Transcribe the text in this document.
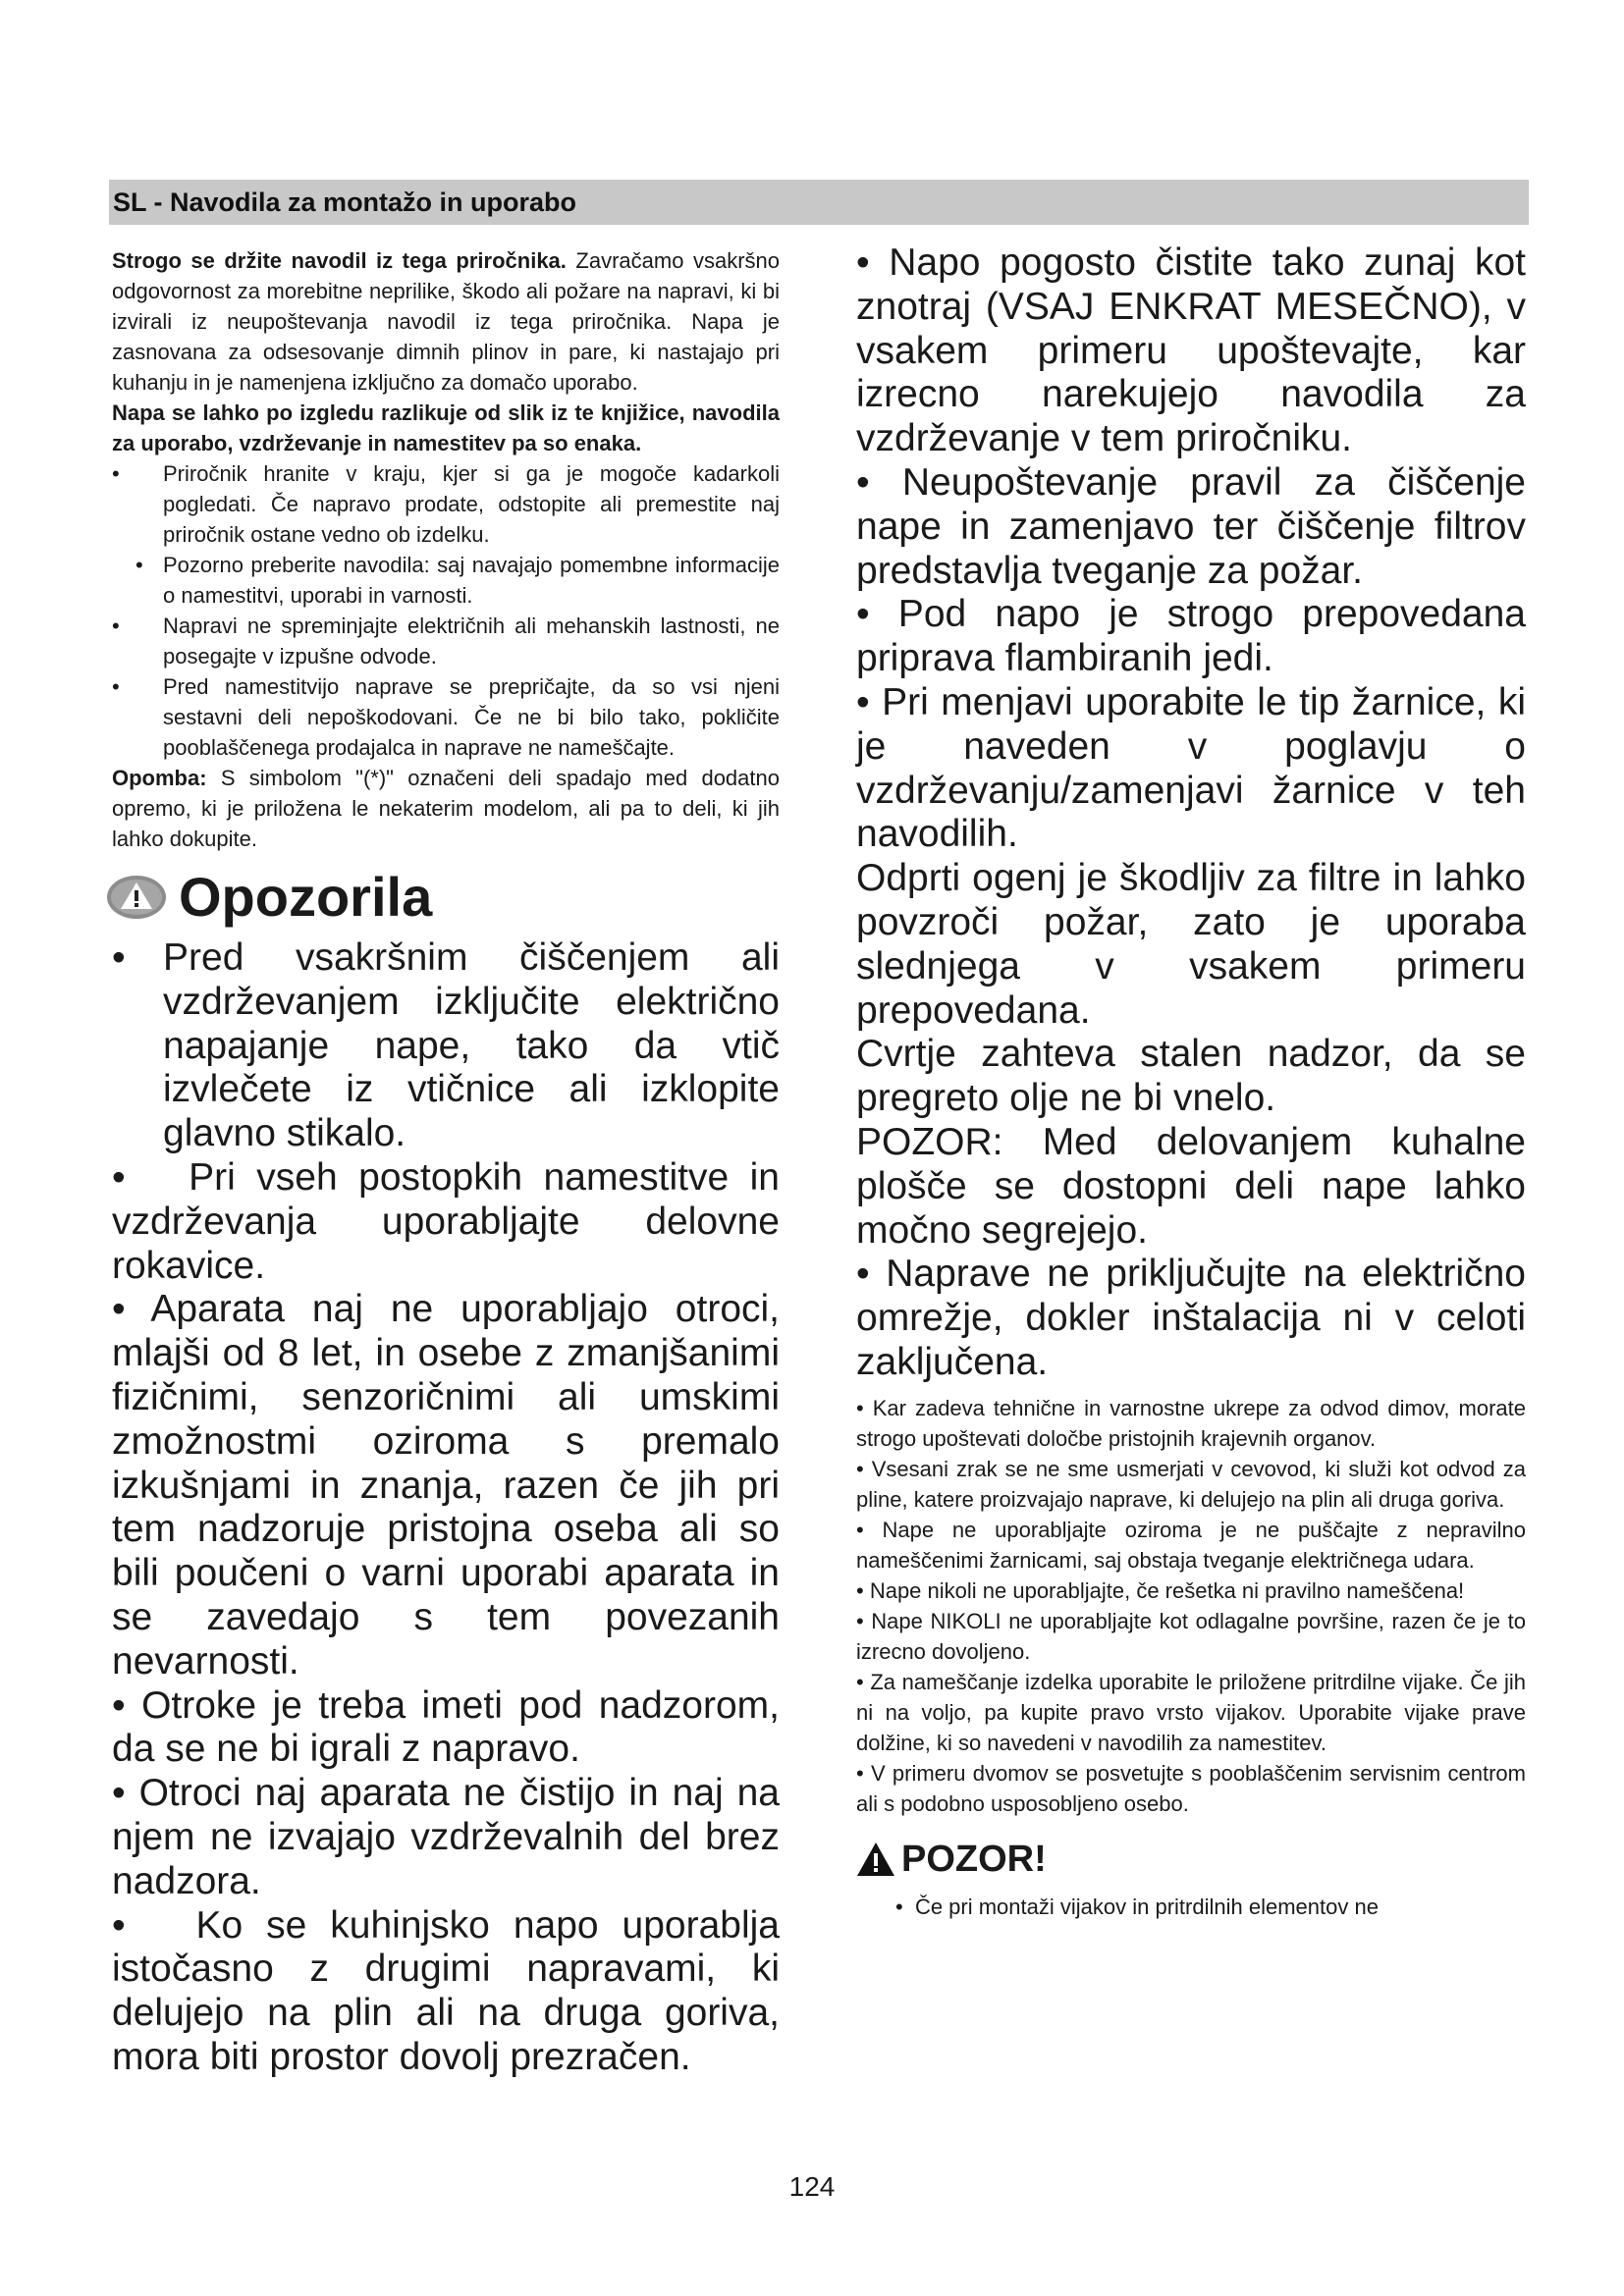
SL - Navodila za montažo in uporabo

Strogo se držite navodil iz tega priročnika. Zavračamo vsakršno odgovornost za morebitne neprilike, škodo ali požare na napravi, ki bi izvirali iz neupoštevanja navodil iz tega priročnika. Napa je zasnovana za odsesovanje dimnih plinov in pare, ki nastajajo pri kuhanju in je namenjena izključno za domačo uporabo.

Napa se lahko po izgledu razlikuje od slik iz te knjižice, navodila za uporabo, vzdrževanje in namestitev pa so enaka.

• Priročnik hranite v kraju, kjer si ga je mogoče kadarkoli pogledati. Če napravo prodate, odstopite ali premestite naj priročnik ostane vedno ob izdelku.

• Pozorno preberite navodila: saj navajajo pomembne informacije o namestitvi, uporabi in varnosti.

• Napravi ne spreminjajte električnih ali mehanskih lastnosti, ne posegajte v izpušne odvode.

• Pred namestitvijo naprave se prepričajte, da so vsi njeni sestavni deli nepoškodovani. Če ne bi bilo tako, pokličite pooblaščenega prodajalca in naprave ne nameščajte.

Opomba: S simbolom "(*)" označeni deli spadajo med dodatno opremo, ki je priložena le nekaterim modelom, ali pa to deli, ki jih lahko dokupite.

Opozorila

• Pred vsakršnim čiščenjem ali vzdrževanjem izključite električno napajanje nape, tako da vtič izvlečete iz vtičnice ali izklopite glavno stikalo.

•   Pri vseh postopkih namestitve in vzdrževanja uporabljajte delovne rokavice.

• Aparata naj ne uporabljajo otroci, mlajši od 8 let, in osebe z zmanjšanimi fizičnimi, senzoričnimi ali umskimi zmožnostmi oziroma s premalo izkušnjami in znanja, razen če jih pri tem nadzoruje pristojna oseba ali so bili poučeni o varni uporabi aparata in se zavedajo s tem povezanih nevarnosti.

• Otroke je treba imeti pod nadzorom, da se ne bi igrali z napravo.

• Otroci naj aparata ne čistijo in naj na njem ne izvajajo vzdrževalnih del brez nadzora.

•   Ko se kuhinjsko napo uporablja istočasno z drugimi napravami, ki delujejo na plin ali na druga goriva, mora biti prostor dovolj prezračen.

• Napo pogosto čistite tako zunaj kot znotraj (VSAJ ENKRAT MESEČNO), v vsakem primeru upoštevajte, kar izrecno narekujejo navodila za vzdrževanje v tem priročniku.

• Neupoštevanje pravil za čiščenje nape in zamenjavo ter čiščenje filtrov predstavlja tveganje za požar.

• Pod napo je strogo prepovedana priprava flambiranih jedi.

• Pri menjavi uporabite le tip žarnice, ki je naveden v poglavju o vzdrževanju/zamenjavi žarnice v teh navodilih.

Odprti ogenj je škodljiv za filtre in lahko povzroči požar, zato je uporaba slednjega v vsakem primeru prepovedana.

Cvrtje zahteva stalen nadzor, da se pregreto olje ne bi vnelo.

POZOR: Med delovanjem kuhalne plošče se dostopni deli nape lahko močno segrejejo.

• Naprave ne priključujte na električno omrežje, dokler inštalacija ni v celoti zaključena.

• Kar zadeva tehnične in varnostne ukrepe za odvod dimov, morate strogo upoštevati določbe pristojnih krajevnih organov.

• Vsesani zrak se ne sme usmerjati v cevovod, ki služi kot odvod za pline, katere proizvajajo naprave, ki delujejo na plin ali druga goriva.

• Nape ne uporabljajte oziroma je ne puščajte z nepravilno nameščenimi žarnicami, saj obstaja tveganje električnega udara.

• Nape nikoli ne uporabljajte, če rešetka ni pravilno nameščena!

• Nape NIKOLI ne uporabljajte kot odlagalne površine, razen če je to izrecno dovoljeno.

• Za nameščanje izdelka uporabite le priložene pritrdilne vijake. Če jih ni na voljo, pa kupite pravo vrsto vijakov. Uporabite vijake prave dolžine, ki so navedeni v navodilih za namestitev.

• V primeru dvomov se posvetujte s pooblaščenim servisnim centrom ali s podobno usposobljeno osebo.

POZOR!

•  Če pri montaži vijakov in pritrdilnih elementov ne

124
